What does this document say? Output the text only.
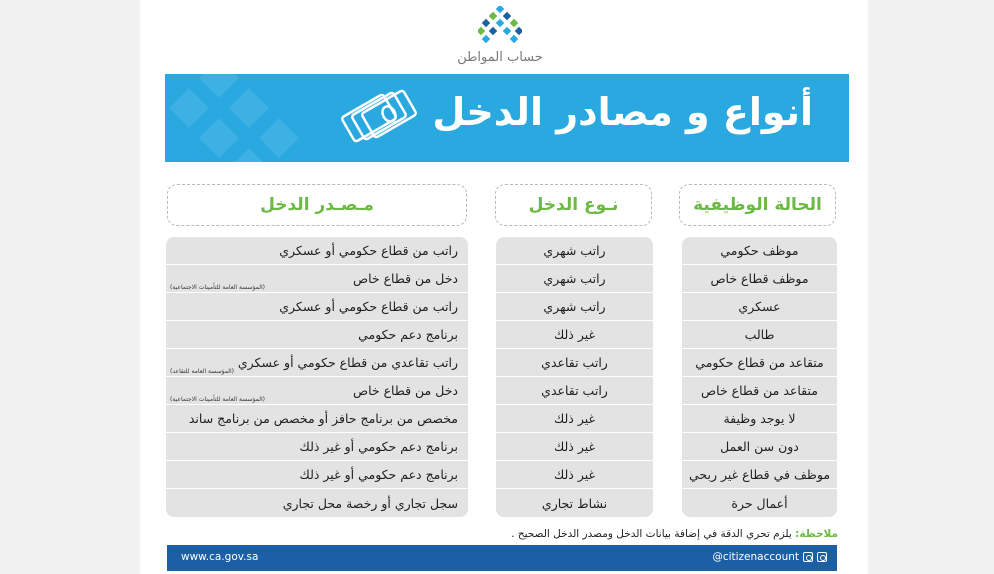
حساب المواطن
أنواع و مصادر الدخل
الحالة الوظيفية
نـوع الدخل
مـصـدر الدخل
موظف حكومي
موظف قطاع خاص
عسكري
طالب
متقاعد من قطاع حكومي
متقاعد من قطاع خاص
لا يوجد وظيفة
دون سن العمل
موظف في قطاع غير ربحي
أعمال حرة
راتب شهري
راتب شهري
راتب شهري
غير ذلك
راتب تقاعدي
راتب تقاعدي
غير ذلك
غير ذلك
غير ذلك
نشاط تجاري
راتب من قطاع حكومي أو عسكري
دخل من قطاع خاص
(المؤسسة العامة للتأمينات الاجتماعية)
راتب من قطاع حكومي أو عسكري
برنامج دعم حكومي
راتب تقاعدي من قطاع حكومي أو عسكري
(المؤسسة العامة للتقاعد)
دخل من قطاع خاص
(المؤسسة العامة للتأمينات الاجتماعية)
مخصص من برنامج حافز أو مخصص من برنامج ساند
برنامج دعم حكومي أو غير ذلك
برنامج دعم حكومي أو غير ذلك
سجل تجاري أو رخصة محل تجاري
ملاحظة: يلزم تحري الدقة في إضافة بيانات الدخل ومصدر الدخل الصحيح .
www.ca.gov.sa	@citizenaccount
